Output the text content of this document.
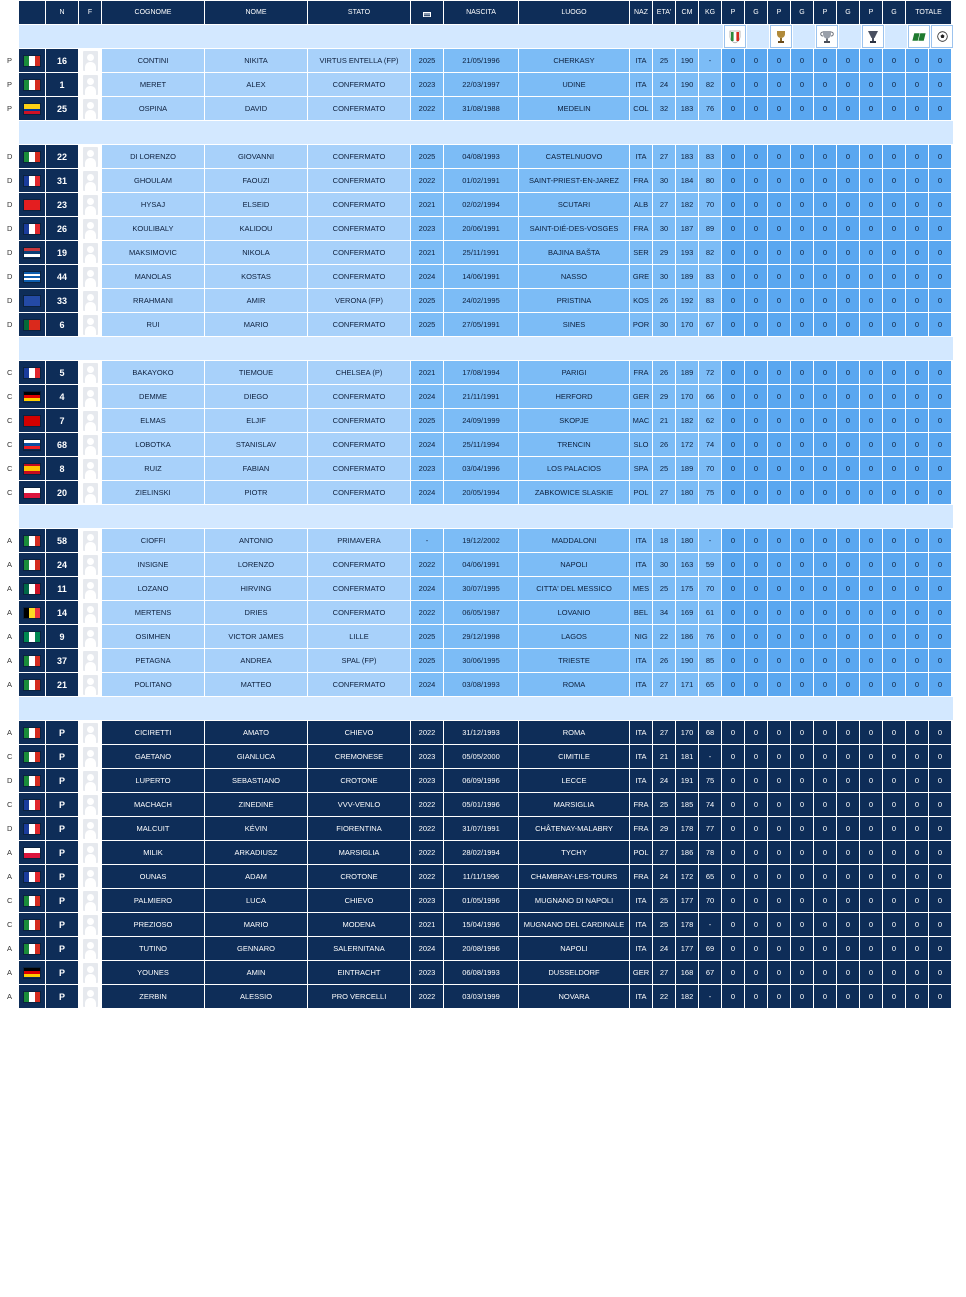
N	F	COGNOME	NOME	STATO	NASCITA	LUOGO	NAZ	ETA'	CM	KG	P	G	P	G	P	G	P	G	TOTALE
P	16	CONTINI	NIKITA	VIRTUS ENTELLA (FP)	2025	21/05/1996	CHERKASY	ITA	25	190	-	0	0	0	0	0	0	0	0	0	0
P	1	MERET	ALEX	CONFERMATO	2023	22/03/1997	UDINE	ITA	24	190	82	0	0	0	0	0	0	0	0	0	0
P	25	OSPINA	DAVID	CONFERMATO	2022	31/08/1988	MEDELIN	COL	32	183	76	0	0	0	0	0	0	0	0	0	0
D	22	DI LORENZO	GIOVANNI	CONFERMATO	2025	04/08/1993	CASTELNUOVO	ITA	27	183	83	0	0	0	0	0	0	0	0	0	0
D	31	GHOULAM	FAOUZI	CONFERMATO	2022	01/02/1991	SAINT-PRIEST-EN-JAREZ	FRA	30	184	80	0	0	0	0	0	0	0	0	0	0
D	23	HYSAJ	ELSEID	CONFERMATO	2021	02/02/1994	SCUTARI	ALB	27	182	70	0	0	0	0	0	0	0	0	0	0
D	26	KOULIBALY	KALIDOU	CONFERMATO	2023	20/06/1991	SAINT-DIÉ-DES-VOSGES	FRA	30	187	89	0	0	0	0	0	0	0	0	0	0
D	19	MAKSIMOVIC	NIKOLA	CONFERMATO	2021	25/11/1991	BAJINA BAŠTA	SER	29	193	82	0	0	0	0	0	0	0	0	0	0
D	44	MANOLAS	KOSTAS	CONFERMATO	2024	14/06/1991	NASSO	GRE	30	189	83	0	0	0	0	0	0	0	0	0	0
D	33	RRAHMANI	AMIR	VERONA (FP)	2025	24/02/1995	PRISTINA	KOS	26	192	83	0	0	0	0	0	0	0	0	0	0
D	6	RUI	MARIO	CONFERMATO	2025	27/05/1991	SINES	POR	30	170	67	0	0	0	0	0	0	0	0	0	0
C	5	BAKAYOKO	TIEMOUE	CHELSEA (P)	2021	17/08/1994	PARIGI	FRA	26	189	72	0	0	0	0	0	0	0	0	0	0
C	4	DEMME	DIEGO	CONFERMATO	2024	21/11/1991	HERFORD	GER	29	170	66	0	0	0	0	0	0	0	0	0	0
C	7	ELMAS	ELJIF	CONFERMATO	2025	24/09/1999	SKOPJE	MAC	21	182	62	0	0	0	0	0	0	0	0	0	0
C	68	LOBOTKA	STANISLAV	CONFERMATO	2024	25/11/1994	TRENCIN	SLO	26	172	74	0	0	0	0	0	0	0	0	0	0
C	8	RUIZ	FABIAN	CONFERMATO	2023	03/04/1996	LOS PALACIOS	SPA	25	189	70	0	0	0	0	0	0	0	0	0	0
C	20	ZIELINSKI	PIOTR	CONFERMATO	2024	20/05/1994	ZABKOWICE SLASKIE	POL	27	180	75	0	0	0	0	0	0	0	0	0	0
A	58	CIOFFI	ANTONIO	PRIMAVERA	-	19/12/2002	MADDALONI	ITA	18	180	-	0	0	0	0	0	0	0	0	0	0
A	24	INSIGNE	LORENZO	CONFERMATO	2022	04/06/1991	NAPOLI	ITA	30	163	59	0	0	0	0	0	0	0	0	0	0
A	11	LOZANO	HIRVING	CONFERMATO	2024	30/07/1995	CITTA' DEL MESSICO	MES	25	175	70	0	0	0	0	0	0	0	0	0	0
A	14	MERTENS	DRIES	CONFERMATO	2022	06/05/1987	LOVANIO	BEL	34	169	61	0	0	0	0	0	0	0	0	0	0
A	9	OSIMHEN	VICTOR JAMES	LILLE	2025	29/12/1998	LAGOS	NIG	22	186	76	0	0	0	0	0	0	0	0	0	0
A	37	PETAGNA	ANDREA	SPAL (FP)	2025	30/06/1995	TRIESTE	ITA	26	190	85	0	0	0	0	0	0	0	0	0	0
A	21	POLITANO	MATTEO	CONFERMATO	2024	03/08/1993	ROMA	ITA	27	171	65	0	0	0	0	0	0	0	0	0	0
A	P	CICIRETTI	AMATO	CHIEVO	2022	31/12/1993	ROMA	ITA	27	170	68	0	0	0	0	0	0	0	0	0	0
C	P	GAETANO	GIANLUCA	CREMONESE	2023	05/05/2000	CIMITILE	ITA	21	181	-	0	0	0	0	0	0	0	0	0	0
D	P	LUPERTO	SEBASTIANO	CROTONE	2023	06/09/1996	LECCE	ITA	24	191	75	0	0	0	0	0	0	0	0	0	0
C	P	MACHACH	ZINEDINE	VVV-VENLO	2022	05/01/1996	MARSIGLIA	FRA	25	185	74	0	0	0	0	0	0	0	0	0	0
D	P	MALCUIT	KÉVIN	FIORENTINA	2022	31/07/1991	CHÂTENAY-MALABRY	FRA	29	178	77	0	0	0	0	0	0	0	0	0	0
A	P	MILIK	ARKADIUSZ	MARSIGLIA	2022	28/02/1994	TYCHY	POL	27	186	78	0	0	0	0	0	0	0	0	0	0
A	P	OUNAS	ADAM	CROTONE	2022	11/11/1996	CHAMBRAY-LES-TOURS	FRA	24	172	65	0	0	0	0	0	0	0	0	0	0
C	P	PALMIERO	LUCA	CHIEVO	2023	01/05/1996	MUGNANO DI NAPOLI	ITA	25	177	70	0	0	0	0	0	0	0	0	0	0
C	P	PREZIOSO	MARIO	MODENA	2021	15/04/1996	MUGNANO DEL CARDINALE	ITA	25	178	-	0	0	0	0	0	0	0	0	0	0
A	P	TUTINO	GENNARO	SALERNITANA	2024	20/08/1996	NAPOLI	ITA	24	177	69	0	0	0	0	0	0	0	0	0	0
A	P	YOUNES	AMIN	EINTRACHT	2023	06/08/1993	DUSSELDORF	GER	27	168	67	0	0	0	0	0	0	0	0	0	0
A	P	ZERBIN	ALESSIO	PRO VERCELLI	2022	03/03/1999	NOVARA	ITA	22	182	-	0	0	0	0	0	0	0	0	0	0
